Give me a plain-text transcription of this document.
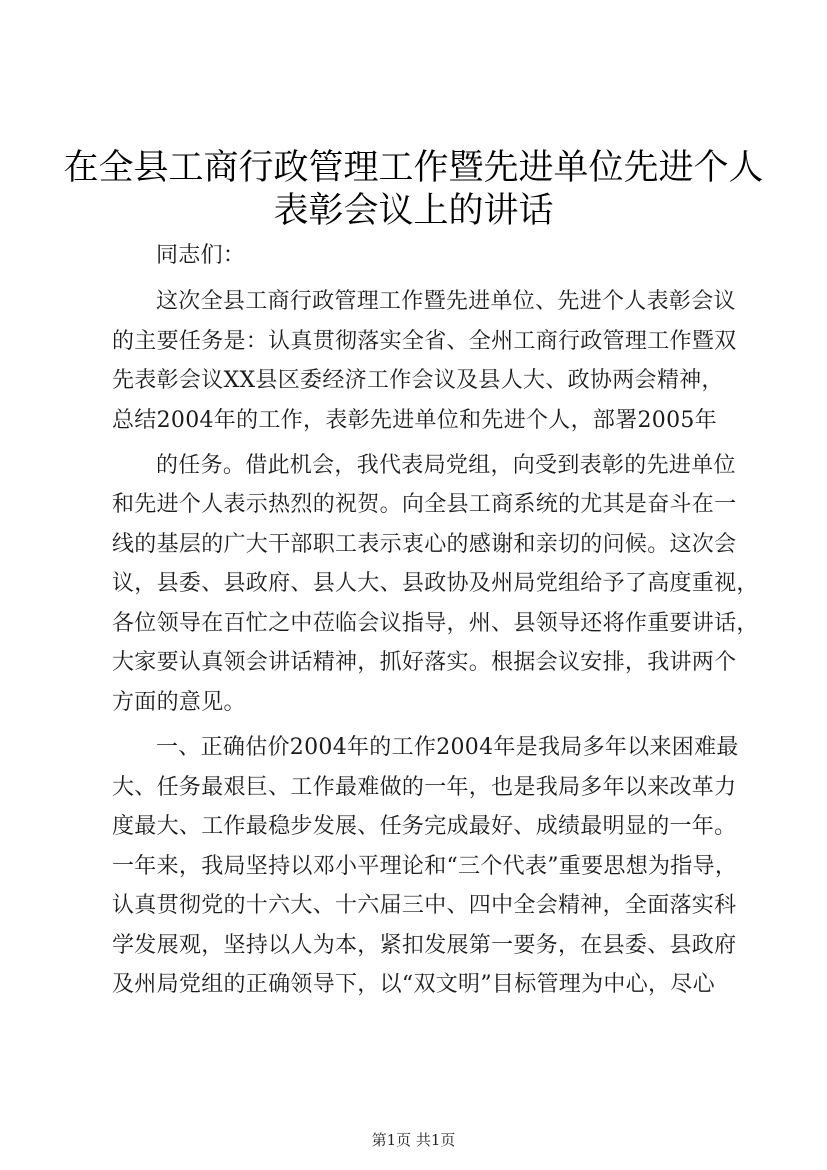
在全县工商行政管理工作暨先进单位先进个人
表彰会议上的讲话
同志们：
这次全县工商行政管理工作暨先进单位、先进个人表彰会议
的主要任务是：认真贯彻落实全省、全州工商行政管理工作暨双
先表彰会议XX县区委经济工作会议及县人大、政协两会精神，
总结2004年的工作，表彰先进单位和先进个人，部署2005年
的任务。借此机会，我代表局党组，向受到表彰的先进单位
和先进个人表示热烈的祝贺。向全县工商系统的尤其是奋斗在一
线的基层的广大干部职工表示衷心的感谢和亲切的问候。这次会
议，县委、县政府、县人大、县政协及州局党组给予了高度重视，
各位领导在百忙之中莅临会议指导，州、县领导还将作重要讲话，
大家要认真领会讲话精神，抓好落实。根据会议安排，我讲两个
方面的意见。
一、正确估价2004年的工作2004年是我局多年以来困难最
大、任务最艰巨、工作最难做的一年，也是我局多年以来改革力
度最大、工作最稳步发展、任务完成最好、成绩最明显的一年。
一年来，我局坚持以邓小平理论和“三个代表”重要思想为指导，
认真贯彻党的十六大、十六届三中、四中全会精神，全面落实科
学发展观，坚持以人为本，紧扣发展第一要务，在县委、县政府
及州局党组的正确领导下，以“双文明”目标管理为中心，尽心
第1页 共1页
